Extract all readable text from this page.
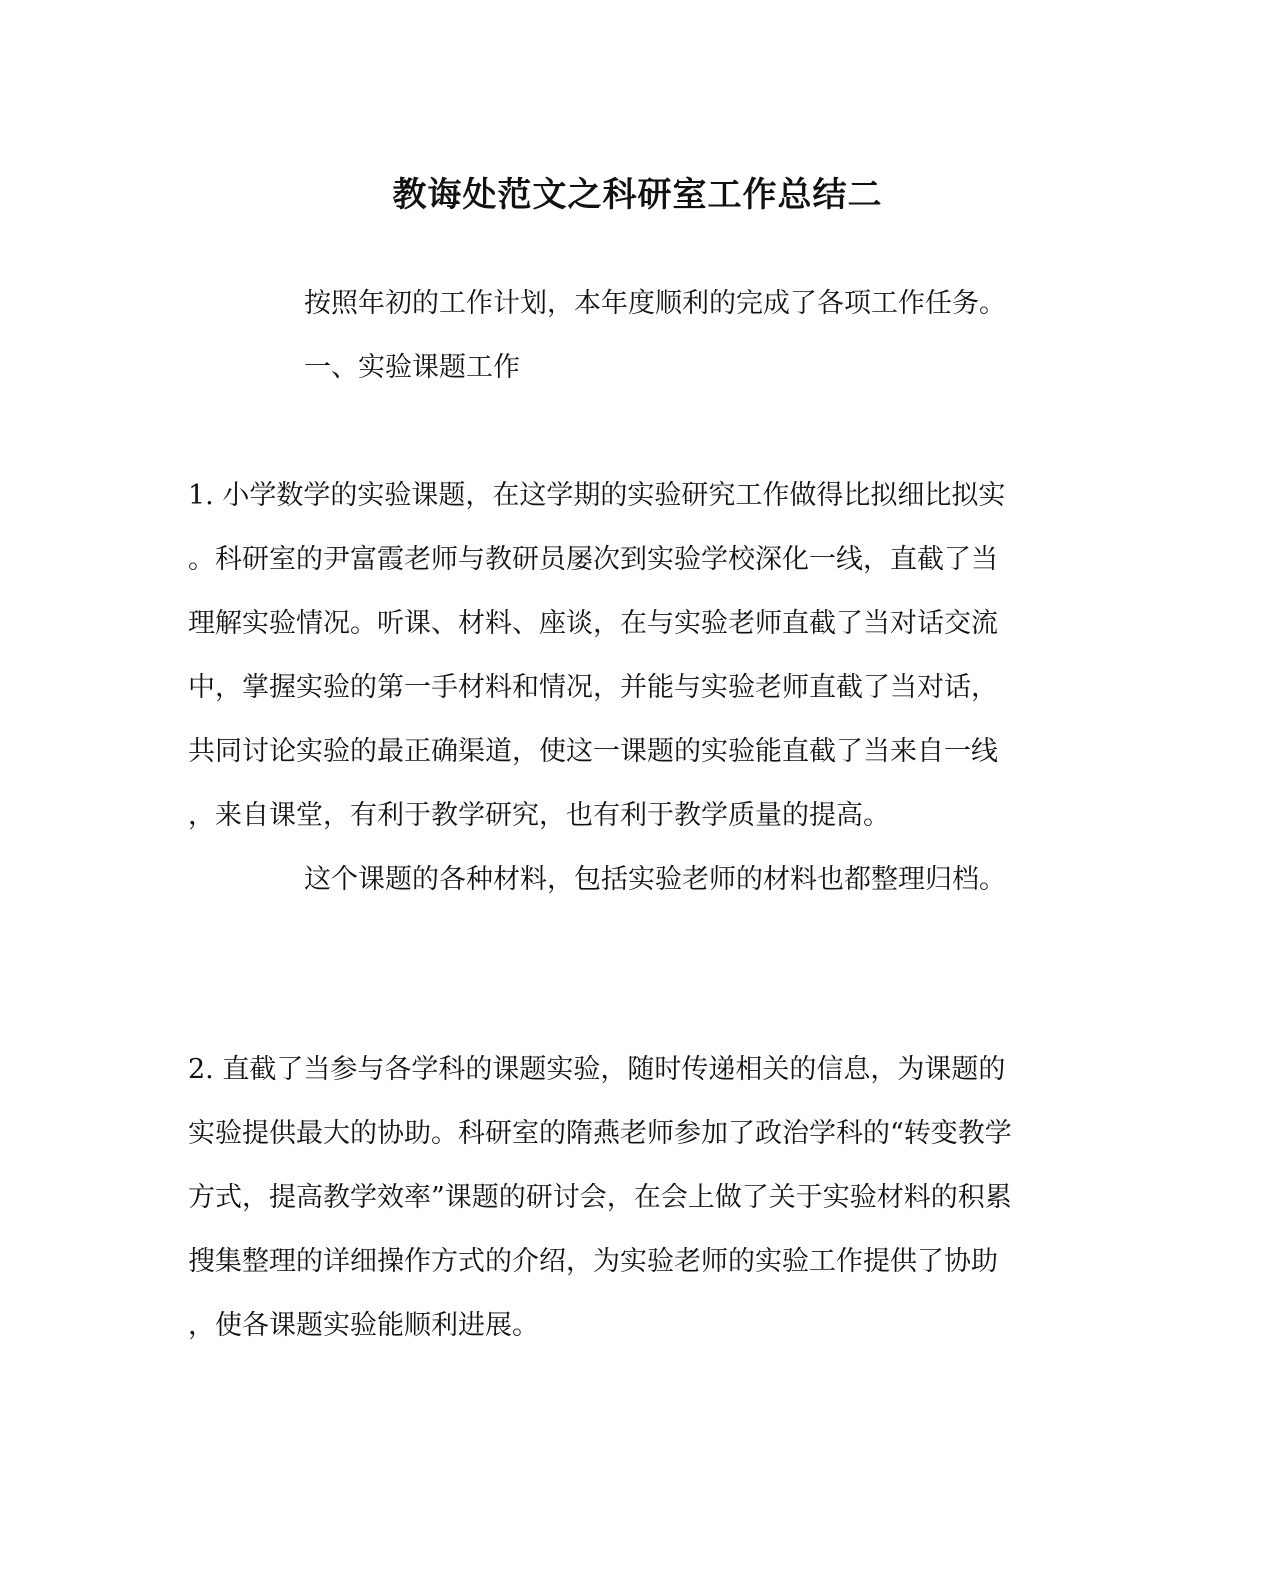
教诲处范文之科研室工作总结二

按照年初的工作计划，本年度顺利的完成了各项工作任务。

一、实验课题工作

1. 小学数学的实验课题，在这学期的实验研究工作做得比拟细比拟实

。科研室的尹富霞老师与教研员屡次到实验学校深化一线，直截了当

理解实验情况。听课、材料、座谈，在与实验老师直截了当对话交流

中，掌握实验的第一手材料和情况，并能与实验老师直截了当对话，

共同讨论实验的最正确渠道，使这一课题的实验能直截了当来自一线

，来自课堂，有利于教学研究，也有利于教学质量的提高。

这个课题的各种材料，包括实验老师的材料也都整理归档。

2. 直截了当参与各学科的课题实验，随时传递相关的信息，为课题的

实验提供最大的协助。科研室的隋燕老师参加了政治学科的“转变教学

方式，提高教学效率”课题的研讨会，在会上做了关于实验材料的积累

搜集整理的详细操作方式的介绍，为实验老师的实验工作提供了协助

，使各课题实验能顺利进展。
